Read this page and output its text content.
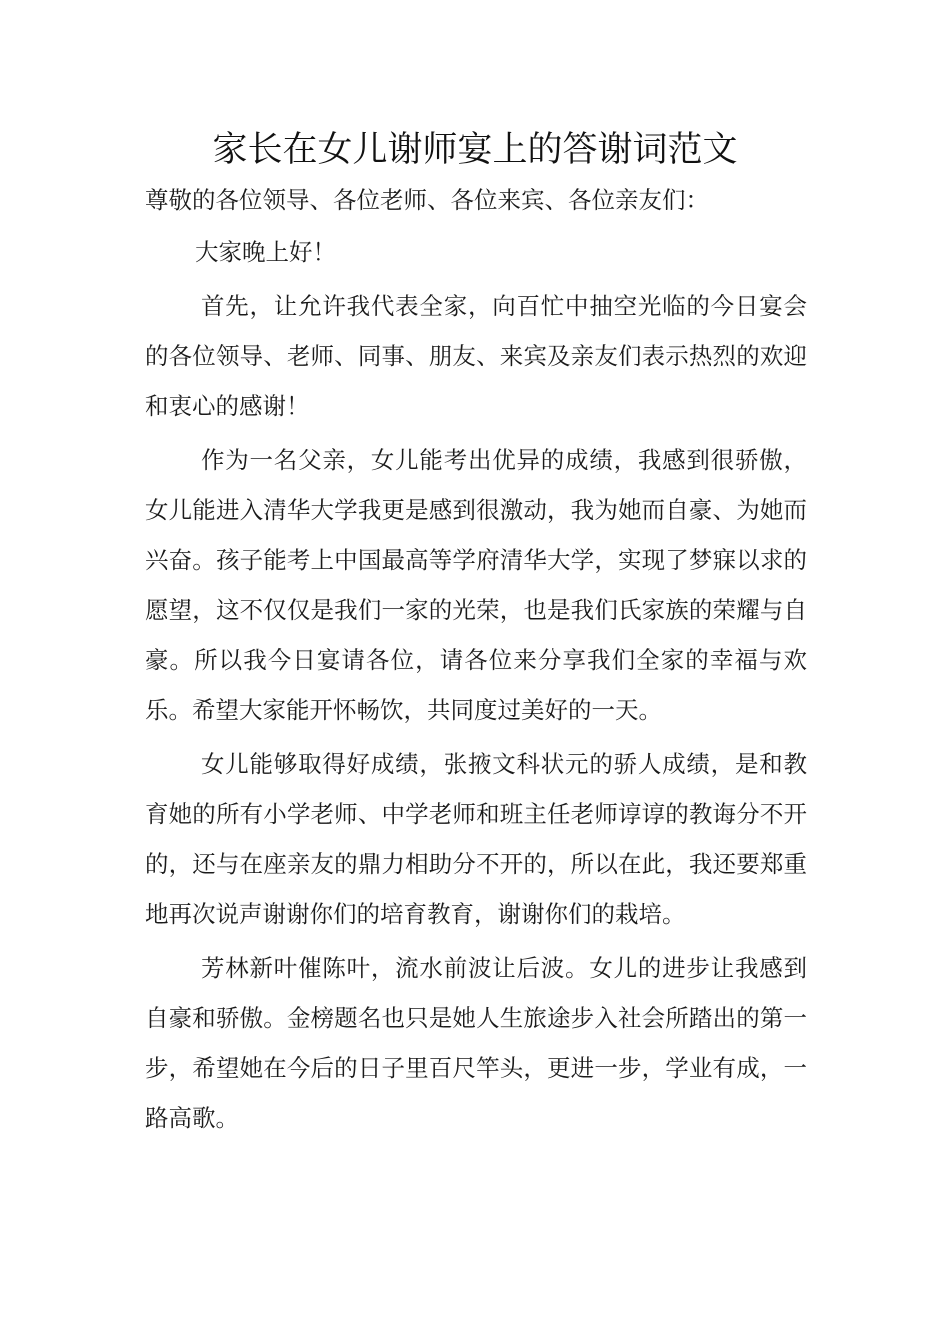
家长在女儿谢师宴上的答谢词范文

尊敬的各位领导、各位老师、各位来宾、各位亲友们：

大家晚上好！

首先，让允许我代表全家，向百忙中抽空光临的今日宴会的各位领导、老师、同事、朋友、来宾及亲友们表示热烈的欢迎和衷心的感谢！

作为一名父亲，女儿能考出优异的成绩，我感到很骄傲，女儿能进入清华大学我更是感到很激动，我为她而自豪、为她而兴奋。孩子能考上中国最高等学府清华大学，实现了梦寐以求的愿望，这不仅仅是我们一家的光荣，也是我们氏家族的荣耀与自豪。所以我今日宴请各位，请各位来分享我们全家的幸福与欢乐。希望大家能开怀畅饮，共同度过美好的一天。

女儿能够取得好成绩，张掖文科状元的骄人成绩，是和教育她的所有小学老师、中学老师和班主任老师谆谆的教诲分不开的，还与在座亲友的鼎力相助分不开的，所以在此，我还要郑重地再次说声谢谢你们的培育教育，谢谢你们的栽培。

芳林新叶催陈叶，流水前波让后波。女儿的进步让我感到自豪和骄傲。金榜题名也只是她人生旅途步入社会所踏出的第一步，希望她在今后的日子里百尺竿头，更进一步，学业有成，一路高歌。
